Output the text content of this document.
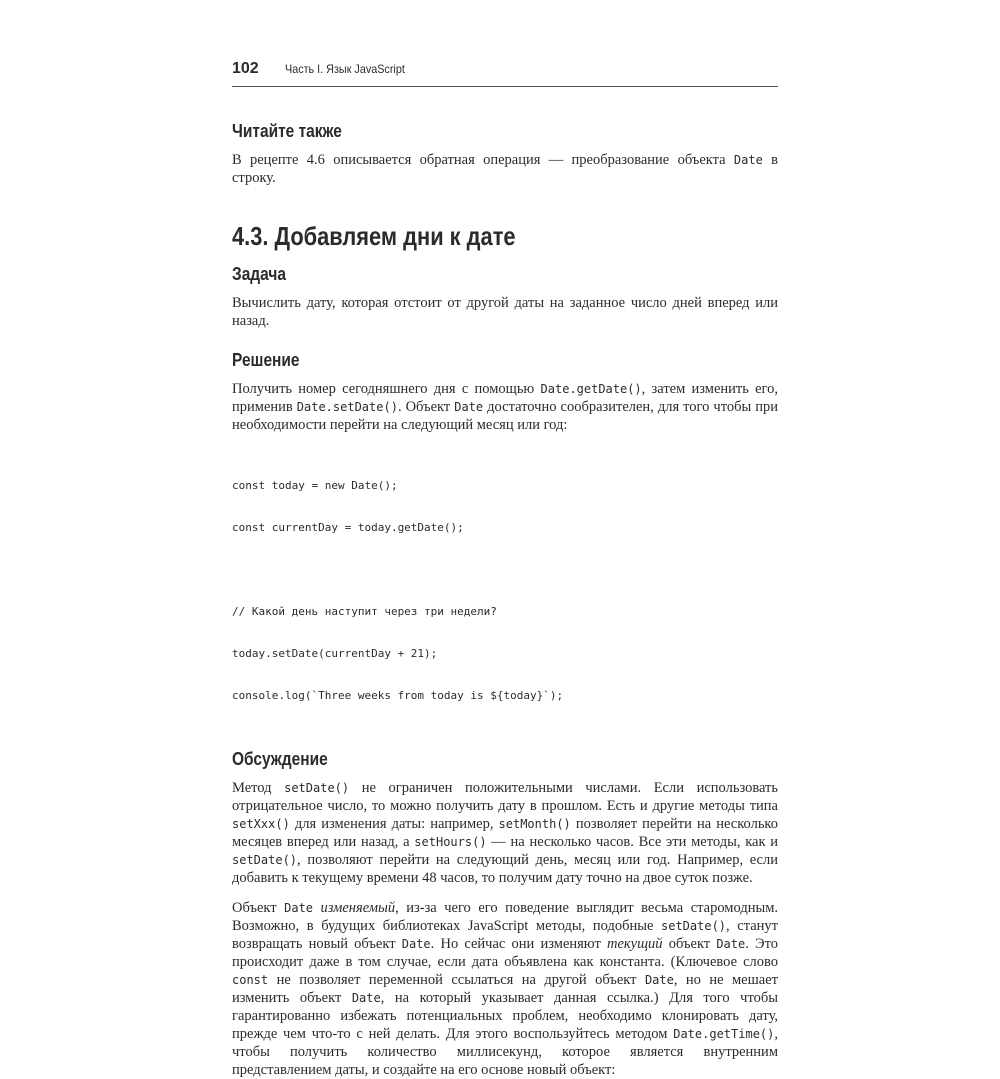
102 Часть I. Язык JavaScript
Читайте также

В рецепте 4.6 описывается обратная операция — преобразование объекта Date в строку.

4.3. Добавляем дни к дате
Задача

Вычислить дату, которая отстоит от другой даты на заданное число дней вперед или назад.

Решение

Получить номер сегодняшнего дня с помощью Date.getDate(), затем изменить его, применив Date.setDate(). Объект Date достаточно сообразителен, для того чтобы при необходимости перейти на следующий месяц или год:

const today = new Date();

const currentDay = today.getDate();

// Какой день наступит через три недели?

today.setDate(currentDay + 21);

console.log(`Three weeks from today is ${today}`);

Обсуждение

Метод setDate() не ограничен положительными числами. Если использовать отрицательное число, то можно получить дату в прошлом. Есть и другие методы типа setXxx() для изменения даты: например, setMonth() позволяет перейти на несколько месяцев вперед или назад, а setHours() — на несколько часов. Все эти методы, как и setDate(), позволяют перейти на следующий день, месяц или год. Например, если добавить к текущему времени 48 часов, то получим дату точно на двое суток позже.

Объект Date изменяемый, из-за чего его поведение выглядит весьма старомодным. Возможно, в будущих библиотеках JavaScript методы, подобные setDate(), станут возвращать новый объект Date. Но сейчас они изменяют текущий объект Date. Это происходит даже в том случае, если дата объявлена как константа. (Ключевое слово const не позволяет переменной ссылаться на другой объект Date, но не мешает изменить объект Date, на который указывает данная ссылка.) Для того чтобы гарантированно избежать потенциальных проблем, необходимо клонировать дату, прежде чем что-то с ней делать. Для этого воспользуйтесь методом Date.getTime(), чтобы получить количество миллисекунд, которое является внутренним представлением даты, и создайте на его основе новый объект:
